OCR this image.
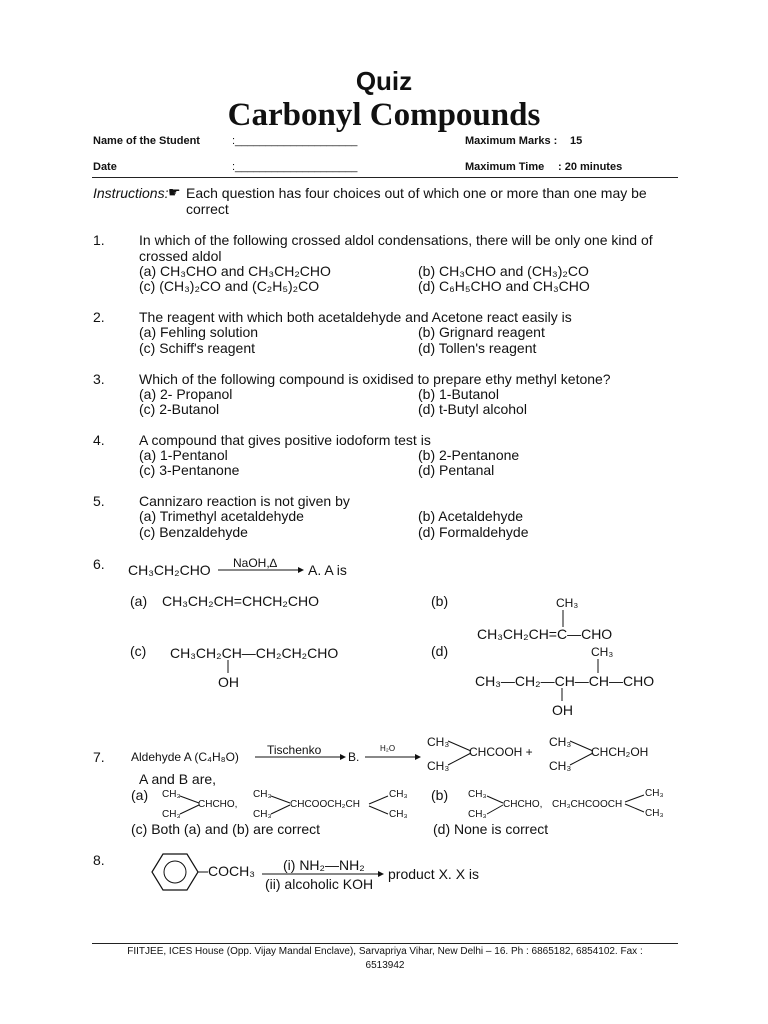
Quiz
Carbonyl Compounds
Name of the Student	:____________________	Maximum Marks : 15
Date	:____________________	Maximum Time : 20 minutes
Instructions: ☛ Each question has four choices out of which one or more than one may be
correct
1. In which of the following crossed aldol condensations, there will be only one kind of
crossed aldol
(a) CH₃CHO and CH₃CH₂CHO	(b) CH₃CHO and (CH₃)₂CO
(c) (CH₃)₂CO and (C₂H₅)₂CO	(d) C₆H₅CHO and CH₃CHO
2. The reagent with which both acetaldehyde and Acetone react easily is
(a) Fehling solution	(b) Grignard reagent
(c) Schiff's reagent	(d) Tollen's reagent
3. Which of the following compound is oxidised to prepare ethy methyl ketone?
(a) 2- Propanol	(b) 1-Butanol
(c) 2-Butanol	(d) t-Butyl alcohol
4. A compound that gives positive iodoform test is
(a) 1-Pentanol	(b) 2-Pentanone
(c) 3-Pentanone	(d) Pentanal
5. Cannizaro reaction is not given by
(a) Trimethyl acetaldehyde	(b) Acetaldehyde
(c) Benzaldehyde	(d) Formaldehyde
6. CH₃CH₂CHO NaOH,∆ A. A is
(a) CH₃CH₂CH=CHCH₂CHO	(b)	CH₃
CH₃CH₂CH=C—CHO
(c) CH₃CH₂CH—CH₂CH₂CHO
OH
(d)	CH₃
CH₃—CH₂—CH—CH—CHO
OH
7. Aldehyde A (C₄H₈O) Tischenko B.
H₂O	CH₃
CH₃
CHCOOH +
CH₃
CH₃
CHCH₂OH
A and B are,
(a) CH₃
CH₃
CHCHO,
CH₃
CH₃
CHCOOCH₂CH
CH₃
CH₃
(b) CH₃
CH₃
CHCHO, CH₃CHCOOCH
CH₃
CH₃
(c) Both (a) and (b) are correct	(d) None is correct
8.
COCH₃ (i) NH₂—NH₂
(ii) alcoholic KOH
product X. X is
FIITJEE, ICES House (Opp. Vijay Mandal Enclave), Sarvapriya Vihar, New Delhi – 16. Ph : 6865182, 6854102. Fax :
6513942
